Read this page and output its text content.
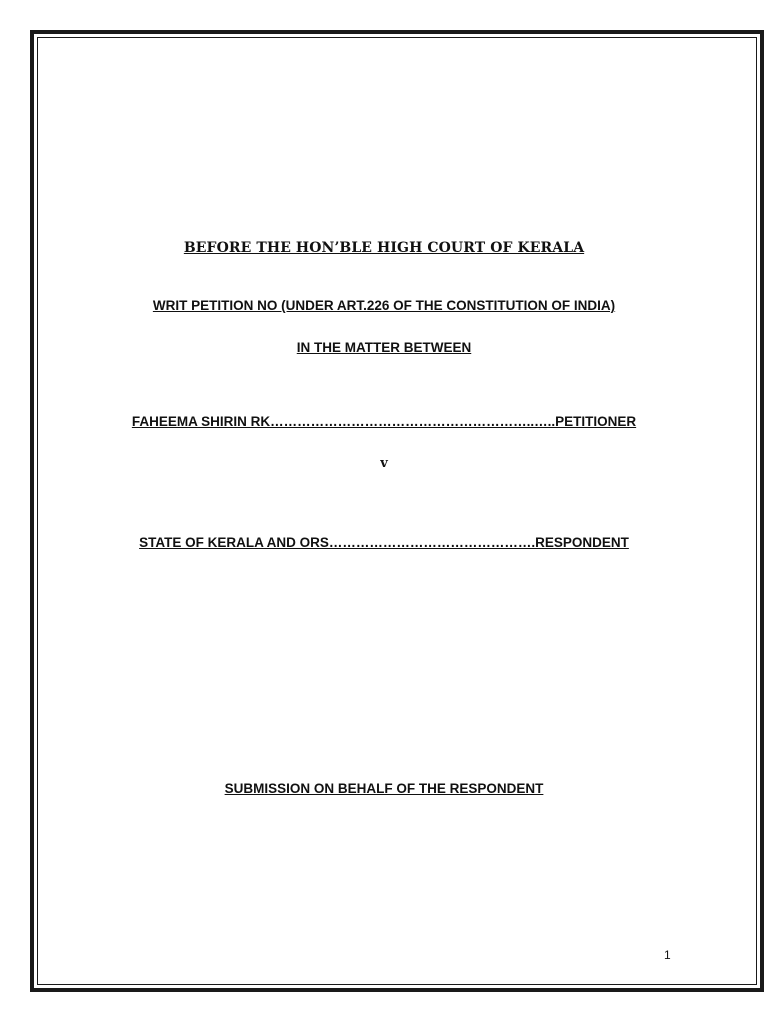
BEFORE THE HON’BLE HIGH COURT OF KERALA
WRIT PETITION NO (UNDER ART.226 OF THE CONSTITUTION OF INDIA)
IN THE MATTER BETWEEN
FAHEEMA SHIRIN RK…………………………………………………..…..PETITIONER
v
STATE OF KERALA AND ORS……………………………………….RESPONDENT
SUBMISSION ON BEHALF OF THE RESPONDENT
1
